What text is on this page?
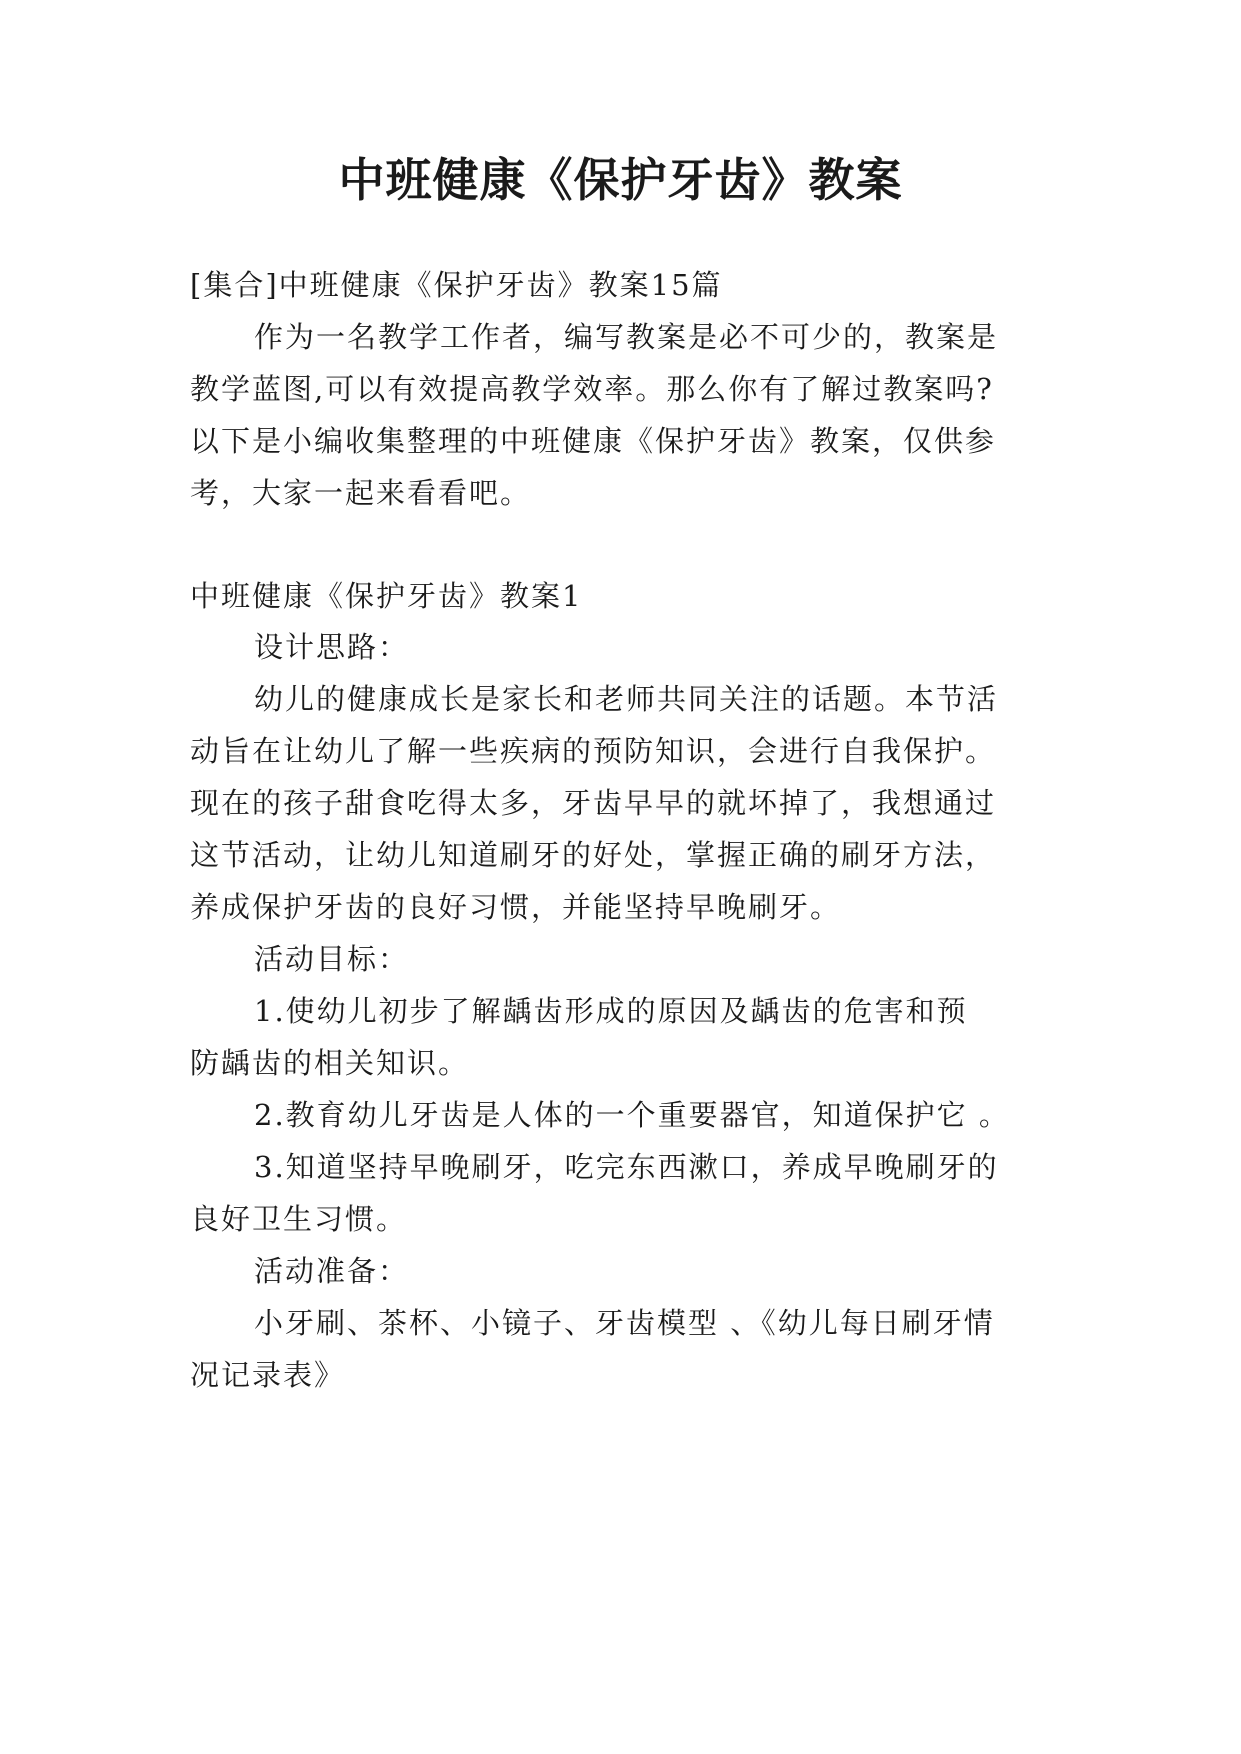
中班健康《保护牙齿》教案
[集合]中班健康《保护牙齿》教案15篇
作为一名教学工作者，编写教案是必不可少的，教案是
教学蓝图,可以有效提高教学效率。那么你有了解过教案吗?
以下是小编收集整理的中班健康《保护牙齿》教案，仅供参
考，大家一起来看看吧。
中班健康《保护牙齿》教案1
设计思路：
幼儿的健康成长是家长和老师共同关注的话题。本节活
动旨在让幼儿了解一些疾病的预防知识，会进行自我保护。
现在的孩子甜食吃得太多，牙齿早早的就坏掉了，我想通过
这节活动，让幼儿知道刷牙的好处，掌握正确的刷牙方法，
养成保护牙齿的良好习惯，并能坚持早晚刷牙。
活动目标：
1.使幼儿初步了解龋齿形成的原因及龋齿的危害和预
防龋齿的相关知识。
2.教育幼儿牙齿是人体的一个重要器官，知道保护它 。
3.知道坚持早晚刷牙，吃完东西漱口，养成早晚刷牙的
良好卫生习惯。
活动准备：
小牙刷、茶杯、小镜子、牙齿模型 、《幼儿每日刷牙情
况记录表》
